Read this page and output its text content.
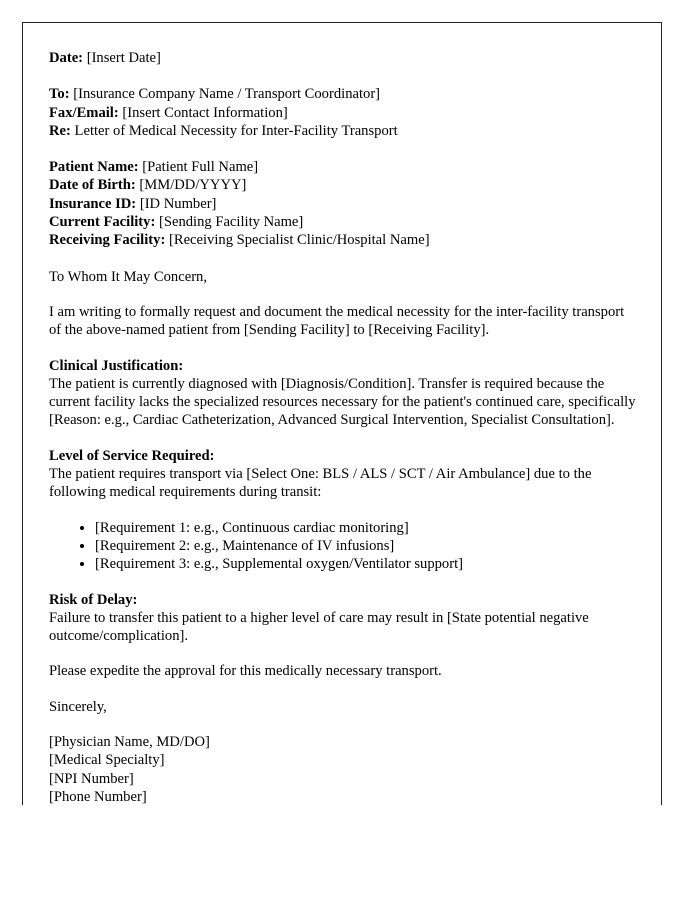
Date: [Insert Date]
To: [Insurance Company Name / Transport Coordinator]
Fax/Email: [Insert Contact Information]
Re: Letter of Medical Necessity for Inter-Facility Transport
Patient Name: [Patient Full Name]
Date of Birth: [MM/DD/YYYY]
Insurance ID: [ID Number]
Current Facility: [Sending Facility Name]
Receiving Facility: [Receiving Specialist Clinic/Hospital Name]

To Whom It May Concern,

I am writing to formally request and document the medical necessity for the inter-facility transport of the above-named patient from [Sending Facility] to [Receiving Facility].

Clinical Justification:

The patient is currently diagnosed with [Diagnosis/Condition]. Transfer is required because the current facility lacks the specialized resources necessary for the patient's continued care, specifically [Reason: e.g., Cardiac Catheterization, Advanced Surgical Intervention, Specialist Consultation].

Level of Service Required:

The patient requires transport via [Select One: BLS / ALS / SCT / Air Ambulance] due to the following medical requirements during transit:

• [Requirement 1: e.g., Continuous cardiac monitoring]
• [Requirement 2: e.g., Maintenance of IV infusions]
• [Requirement 3: e.g., Supplemental oxygen/Ventilator support]

Risk of Delay:

Failure to transfer this patient to a higher level of care may result in [State potential negative outcome/complication].

Please expedite the approval for this medically necessary transport.

Sincerely,

[Physician Name, MD/DO]
[Medical Specialty]
[NPI Number]
[Phone Number]
